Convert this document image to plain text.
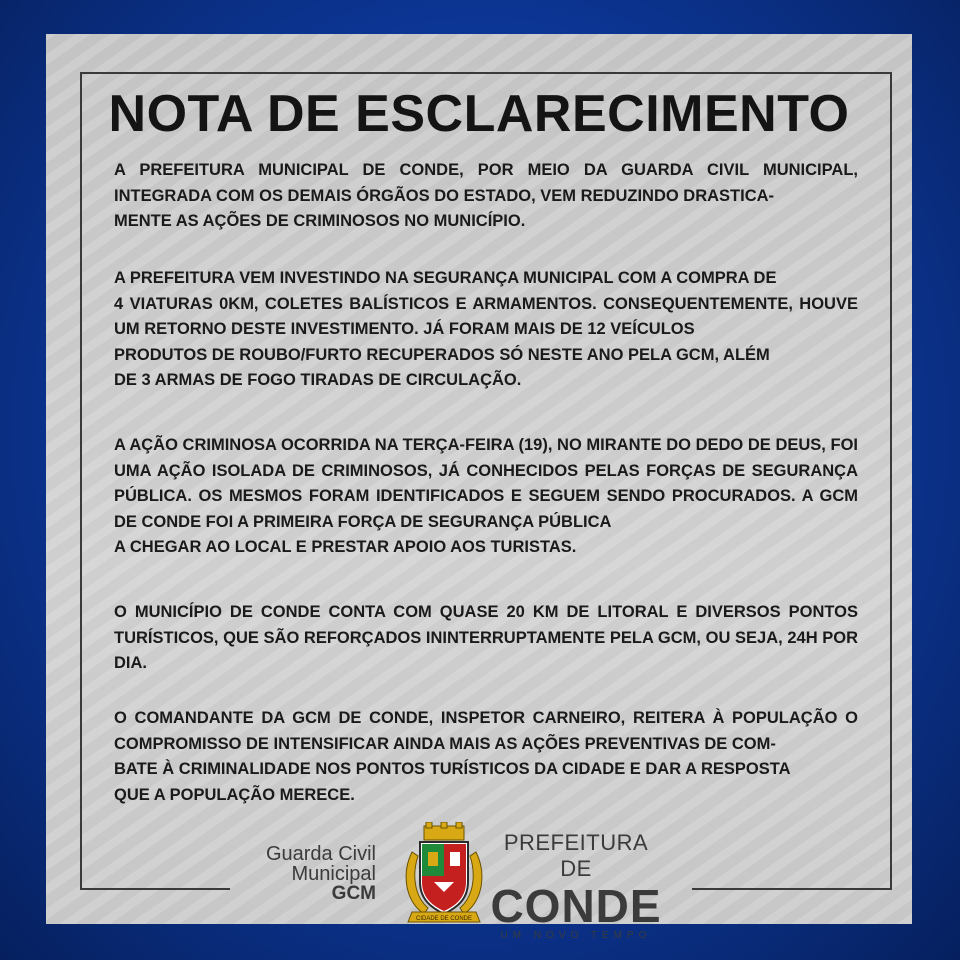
NOTA DE ESCLARECIMENTO

A PREFEITURA MUNICIPAL DE CONDE, POR MEIO DA GUARDA CIVIL MUNICIPAL, INTEGRADA COM OS DEMAIS ÓRGÃOS DO ESTADO, VEM REDUZINDO DRASTICA-
MENTE AS AÇÕES DE CRIMINOSOS NO MUNICÍPIO.

A PREFEITURA VEM INVESTINDO NA SEGURANÇA MUNICIPAL COM A COMPRA DE
4 VIATURAS 0KM, COLETES BALÍSTICOS E ARMAMENTOS. CONSEQUENTEMENTE, HOUVE UM RETORNO DESTE INVESTIMENTO. JÁ FORAM MAIS DE 12 VEÍCULOS
PRODUTOS DE ROUBO/FURTO RECUPERADOS SÓ NESTE ANO PELA GCM, ALÉM
DE 3 ARMAS DE FOGO TIRADAS DE CIRCULAÇÃO.

A AÇÃO CRIMINOSA OCORRIDA NA TERÇA-FEIRA (19), NO MIRANTE DO DEDO DE DEUS, FOI UMA AÇÃO ISOLADA DE CRIMINOSOS, JÁ CONHECIDOS PELAS FORÇAS DE SEGURANÇA PÚBLICA. OS MESMOS FORAM IDENTIFICADOS E SEGUEM SENDO PROCURADOS. A GCM DE CONDE FOI A PRIMEIRA FORÇA DE SEGURANÇA PÚBLICA
A CHEGAR AO LOCAL E PRESTAR APOIO AOS TURISTAS.

O MUNICÍPIO DE CONDE CONTA COM QUASE 20 KM DE LITORAL E DIVERSOS PONTOS TURÍSTICOS, QUE SÃO REFORÇADOS ININTERRUPTAMENTE PELA GCM, OU SEJA, 24H POR DIA.

O COMANDANTE DA GCM DE CONDE, INSPETOR CARNEIRO, REITERA À POPULAÇÃO O COMPROMISSO DE INTENSIFICAR AINDA MAIS AS AÇÕES PREVENTIVAS DE COM-
BATE À CRIMINALIDADE NOS PONTOS TURÍSTICOS DA CIDADE E DAR A RESPOSTA
QUE A POPULAÇÃO MERECE.

Guarda Civil
Municipal
GCM
CIDADE DE CONDE
PREFEITURA DE
CONDE
UM NOVO TEMPO
